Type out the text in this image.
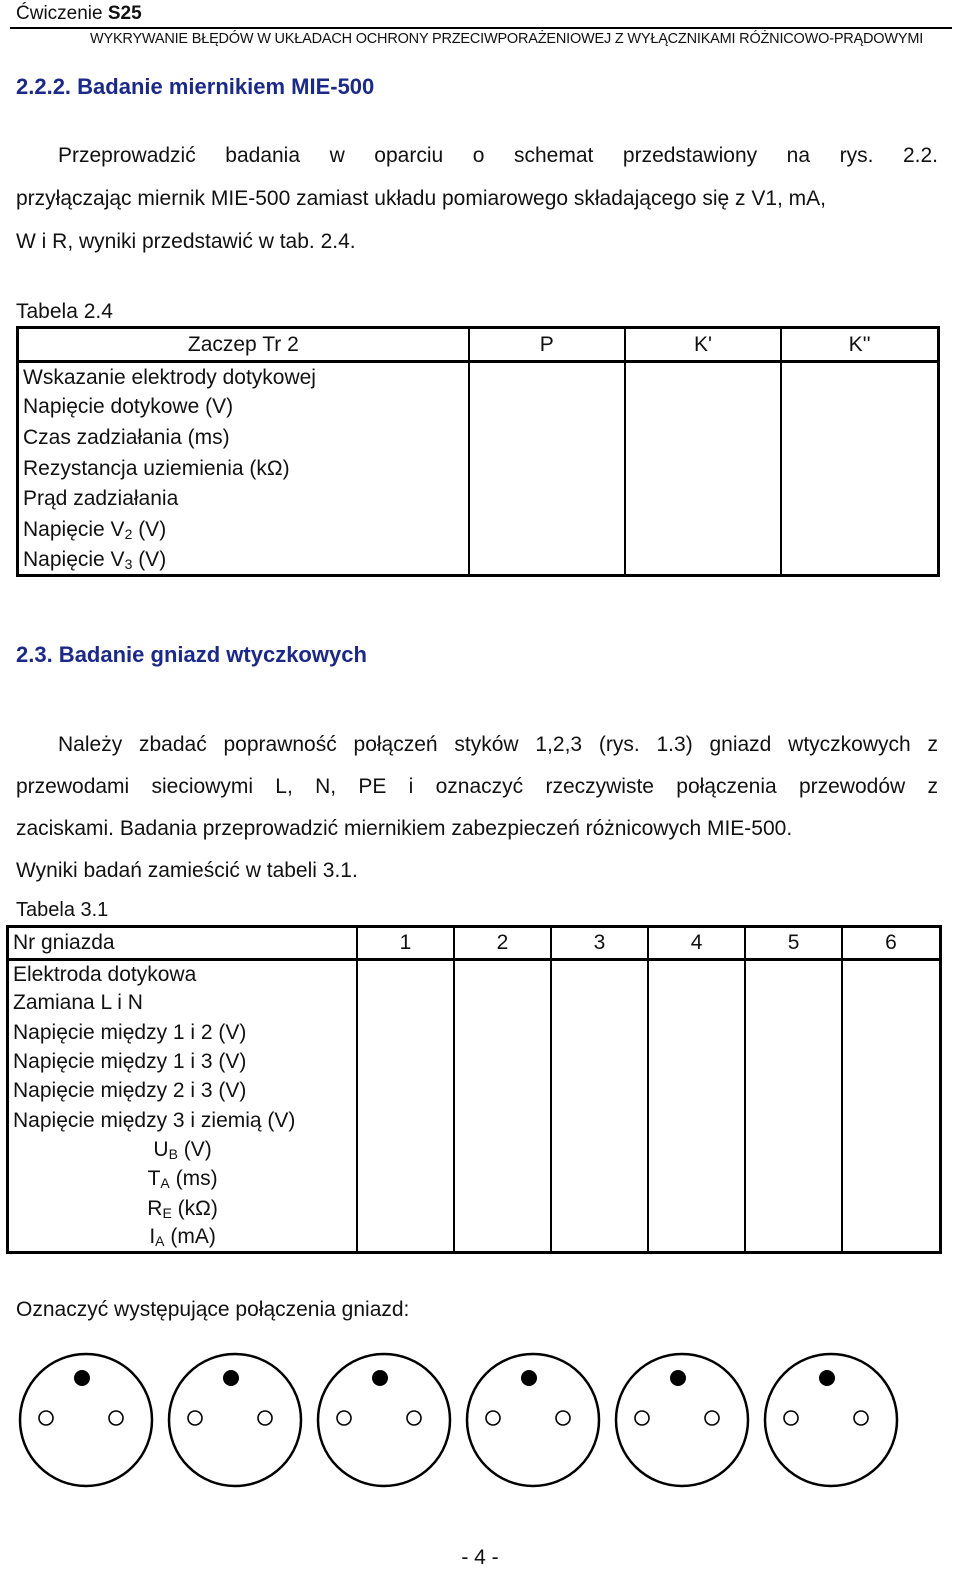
Ćwiczenie S25
WYKRYWANIE BŁĘDÓW W UKŁADACH OCHRONY PRZECIWPORAŻENIOWEJ Z WYŁĄCZNIKAMI RÓŻNICOWO-PRĄDOWYMI
2.2.2. Badanie miernikiem MIE-500
Przeprowadzić badania w oparciu o schemat przedstawiony na rys. 2.2.
przyłączając miernik MIE-500 zamiast układu pomiarowego składającego się z V1, mA,
W i R, wyniki przedstawić w tab. 2.4.
Tabela 2.4
Zaczep Tr 2	P	K'	K''
Wskazanie elektrody dotykowej			
Napięcie dotykowe (V)			
Czas zadziałania (ms)			
Rezystancja uziemienia (kΩ)			
Prąd zadziałania			
Napięcie $V_2$ (V)			
Napięcie $V_3$ (V)			
2.3. Badanie gniazd wtyczkowych
Należy zbadać poprawność połączeń styków 1,2,3 (rys. 1.3) gniazd wtyczkowych z
przewodami sieciowymi L, N, PE i oznaczyć rzeczywiste połączenia przewodów z
zaciskami. Badania przeprowadzić miernikiem zabezpieczeń różnicowych MIE-500.
Wyniki badań zamieścić w tabeli 3.1.
Tabela 3.1
Nr gniazda	1	2	3	4	5	6
Elektroda dotykowa						
Zamiana L i N						
Napięcie między 1 i 2 (V)						
Napięcie między 1 i 3 (V)						
Napięcie między 2 i 3 (V)						
Napięcie między 3 i ziemią (V)						
$U_B$ (V)						
$T_A$ (ms)						
$R_E$ (kΩ)						
$I_A$ (mA)						
Oznaczyć występujące połączenia gniazd:
- 4 -
